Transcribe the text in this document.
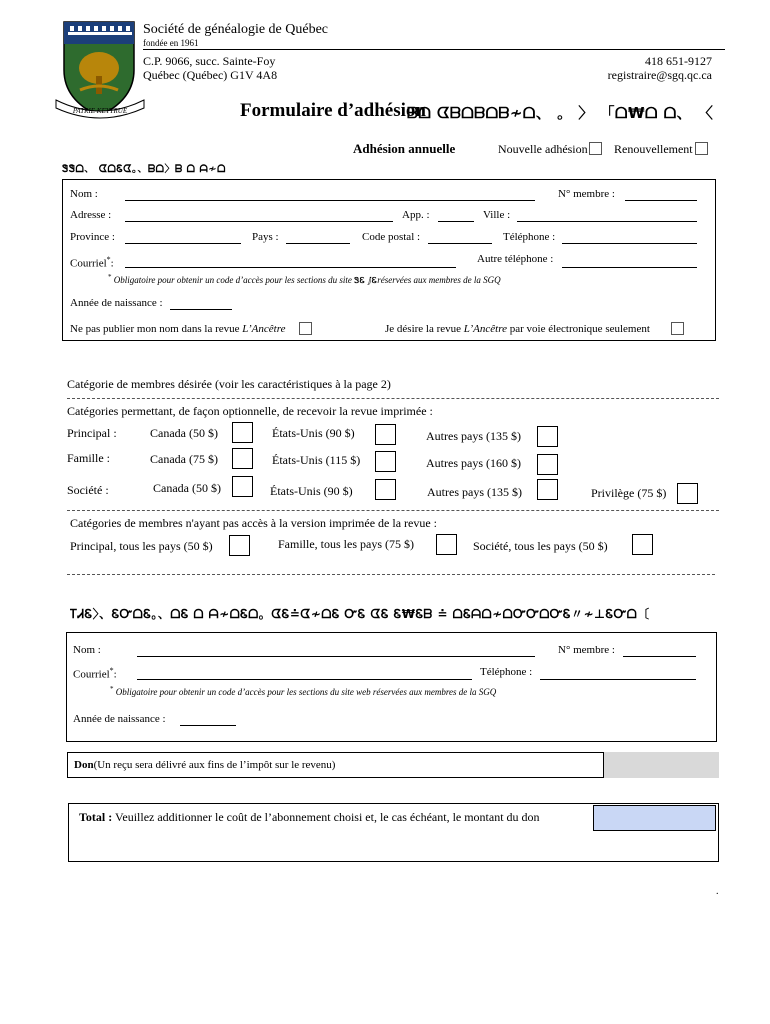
PATRIE KEYTRUE
Société de généalogie de Québec
fondée en 1961
C.P. 9066, succ. Sainte-Foy
Québec (Québec) G1V 4A8
418 651-9127
registraire@sgq.qc.ca
Formulaire d’adhésion
ᗷᗝ ᗧᗷᗝᗷᗝᗷ≁ᗝ、 。 〉 「ᗝ₩ᗝ ᗝ、 〈
Adhésion annuelle	Nouvelle adhésion Renouvellement
ᏕᏕᗝ、 ᗧᗝᏋᗧ。、ᗷᗝ〉ᗷ ᗝ ᗩ≁ᗝ
Nom :	N° membre :
Adresse :	App. :	Ville :
Province :	Pays :	Code postal :	Téléphone :
Courriel*:	Autre téléphone :
* Obligatoire pour obtenir un code d’accès pour les sections du site ᏕᏋ ⅉᏋréservées aux membres de la SGQ
Année de naissance :
Ne pas publier mon nom dans la revue L’Ancêtre	Je désire la revue L’Ancêtre par voie électronique seulement
Catégorie de membres désirée (voir les caractéristiques à la page 2)
Catégories permettant, de façon optionnelle, de recevoir la revue imprimée :
Principal :	Canada (50 $)	États-Unis (90 $)	Autres pays (135 $)
Famille :	Canada (75 $)	États-Unis (115 $)	Autres pays (160 $)
Société :	Canada (50 $)	États-Unis (90 $)	Autres pays (135 $)	Privilège (75 $)
Catégories de membres n'ayant pas accès à la version imprimée de la revue :
Principal, tous les pays (50 $)	Famille, tous les pays (75 $)	Société, tous les pays (50 $)
ᎢᏗᏋ〉、ᏋᏅᗝᏋ。、ᗝᏋ ᗝ ᗩ≁ᗝᏋᗝ。ᗧᏋ≐ᗧ≁ᗝᏋ ᏅᏋ ᗧᏋ Ꮛ₩Ꮛᗷ ≐ ᗝᏋᗩᗝ≁ᗝᏅᏅᗝᏅᏋ〃≁⊥ᏋᏅᗝ〔
Nom :	N° membre :
Courriel*:	Téléphone :
* Obligatoire pour obtenir un code d’accès pour les sections du site web réservées aux membres de la SGQ
Année de naissance :
Don(Un reçu sera délivré aux fins de l’impôt sur le revenu)
Total : Veuillez additionner le coût de l’abonnement choisi et, le cas échéant, le montant du don
.
